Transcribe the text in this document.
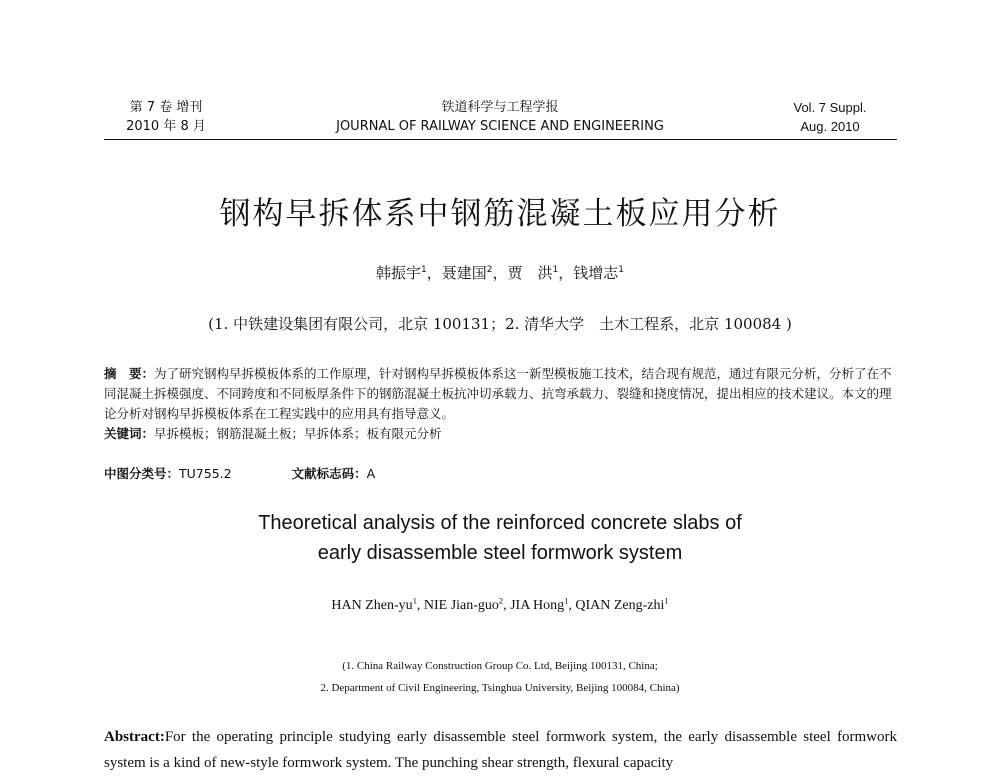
第 7 卷 增刊
2010 年 8 月
铁道科学与工程学报
JOURNAL OF RAILWAY SCIENCE AND ENGINEERING
Vol. 7 Suppl.
Aug. 2010
钢构早拆体系中钢筋混凝土板应用分析
韩振宇$^1$，聂建国$^2$，贾　洪$^1$，钱增志$^1$
(1. 中铁建设集团有限公司，北京 100131；2. 清华大学　土木工程系，北京 100084 )
摘　要：为了研究钢构早拆模板体系的工作原理，针对钢构早拆模板体系这一新型模板施工技术，结合现有规范，通过有限元分析，分析了在不同混凝土拆模强度、不同跨度和不同板厚条件下的钢筋混凝土板抗冲切承载力、抗弯承载力、裂缝和挠度情况，提出相应的技术建议。本文的理论分析对钢构早拆模板体系在工程实践中的应用具有指导意义。
关键词：早拆模板；钢筋混凝土板；早拆体系；板有限元分析
中图分类号：TU755.2	文献标志码：A
Theoretical analysis of the reinforced concrete slabs of
early disassemble steel formwork system
HAN Zhen-$yu^1$, NIE Jian-guo$^2$, JIA Hong$^1$, QIAN Zeng-zhi$^1$
(1. China Railway Construction Group Co. Ltd, Beijing 100131, China;
2. Department of Civil Engineering, Tsinghua University, Beijing 100084, China)
Abstract:For the operating principle studying early disassemble steel formwork system, the early disassemble steel formwork system is a kind of new-style formwork system. The punching shear strength, flexural capacity
